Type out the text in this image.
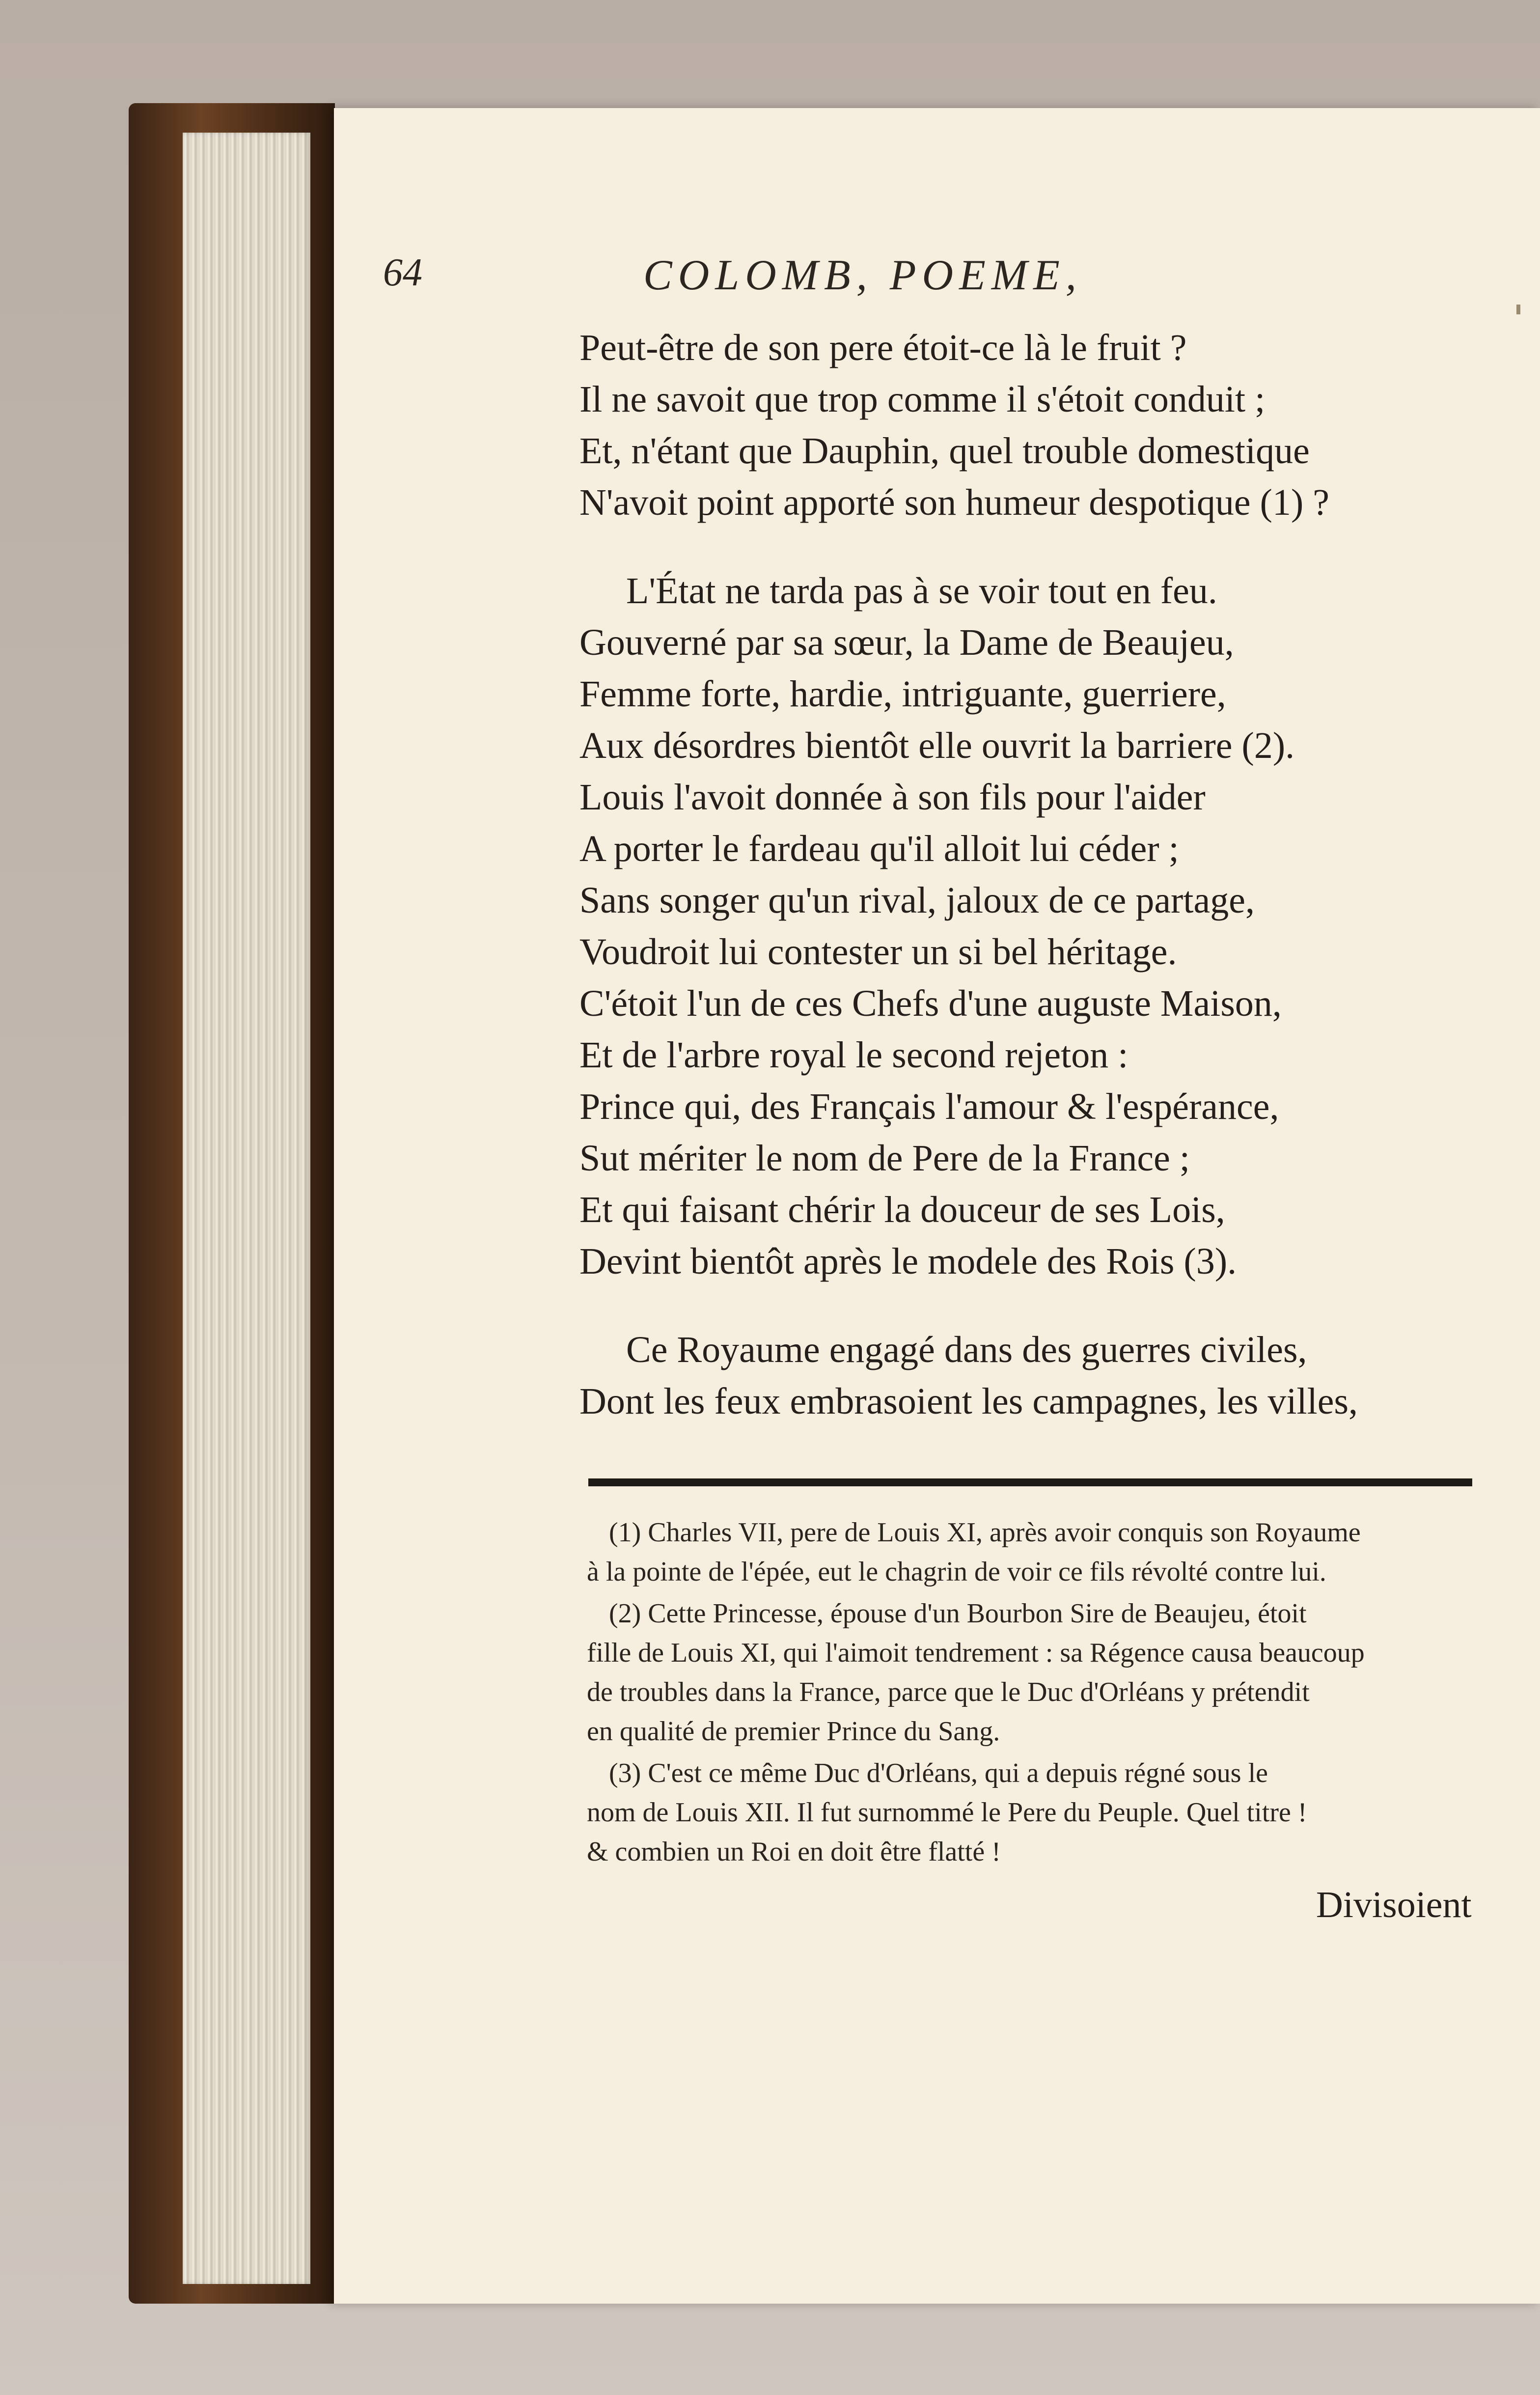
64	COLOMB, POEME,
Peut-être de son pere étoit-ce là le fruit ?
Il ne savoit que trop comme il s'étoit conduit ;
Et, n'étant que Dauphin, quel trouble domestique
N'avoit point apporté son humeur despotique (1) ?
L'État ne tarda pas à se voir tout en feu.
Gouverné par sa sœur, la Dame de Beaujeu,
Femme forte, hardie, intriguante, guerriere,
Aux désordres bientôt elle ouvrit la barriere (2).
Louis l'avoit donnée à son fils pour l'aider
A porter le fardeau qu'il alloit lui céder ;
Sans songer qu'un rival, jaloux de ce partage,
Voudroit lui contester un si bel héritage.
C'étoit l'un de ces Chefs d'une auguste Maison,
Et de l'arbre royal le second rejeton :
Prince qui, des Français l'amour & l'espérance,
Sut mériter le nom de Pere de la France ;
Et qui faisant chérir la douceur de ses Lois,
Devint bientôt après le modele des Rois (3).
Ce Royaume engagé dans des guerres civiles,
Dont les feux embrasoient les campagnes, les villes,
(1) Charles VII, pere de Louis XI, après avoir conquis son Royaume
à la pointe de l'épée, eut le chagrin de voir ce fils révolté contre lui.
(2) Cette Princesse, épouse d'un Bourbon Sire de Beaujeu, étoit
fille de Louis XI, qui l'aimoit tendrement : sa Régence causa beaucoup
de troubles dans la France, parce que le Duc d'Orléans y prétendit
en qualité de premier Prince du Sang.
(3) C'est ce même Duc d'Orléans, qui a depuis régné sous le
nom de Louis XII. Il fut surnommé le Pere du Peuple. Quel titre !
& combien un Roi en doit être flatté !
Divisoient
